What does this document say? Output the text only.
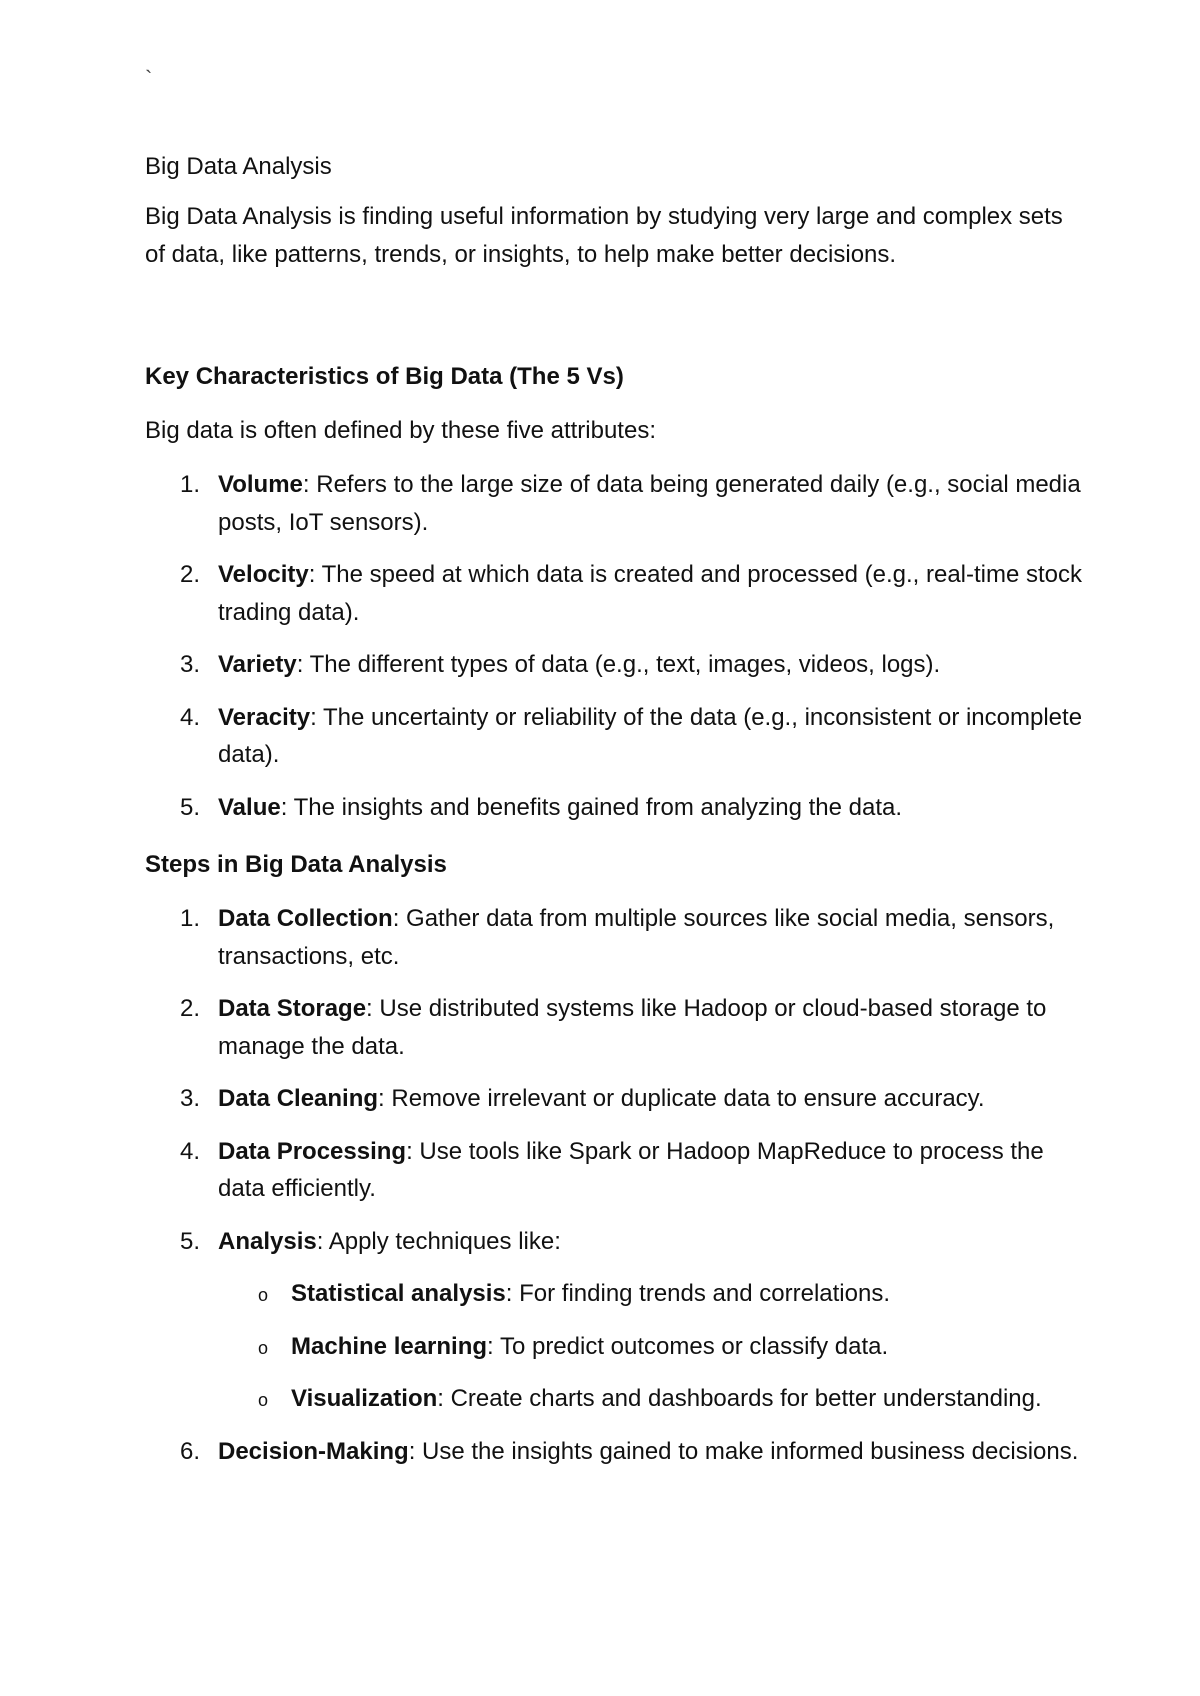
`
Big Data Analysis
Big Data Analysis is finding useful information by studying very large and complex sets of data, like patterns, trends, or insights, to help make better decisions.
Key Characteristics of Big Data (The 5 Vs)
Big data is often defined by these five attributes:
1. Volume: Refers to the large size of data being generated daily (e.g., social media posts, IoT sensors).
2. Velocity: The speed at which data is created and processed (e.g., real-time stock trading data).
3. Variety: The different types of data (e.g., text, images, videos, logs).
4. Veracity: The uncertainty or reliability of the data (e.g., inconsistent or incomplete data).
5. Value: The insights and benefits gained from analyzing the data.
Steps in Big Data Analysis
1. Data Collection: Gather data from multiple sources like social media, sensors, transactions, etc.
2. Data Storage: Use distributed systems like Hadoop or cloud-based storage to manage the data.
3. Data Cleaning: Remove irrelevant or duplicate data to ensure accuracy.
4. Data Processing: Use tools like Spark or Hadoop MapReduce to process the data efficiently.
5. Analysis: Apply techniques like:
o Statistical analysis: For finding trends and correlations.
o Machine learning: To predict outcomes or classify data.
o Visualization: Create charts and dashboards for better understanding.
6. Decision-Making: Use the insights gained to make informed business decisions.
